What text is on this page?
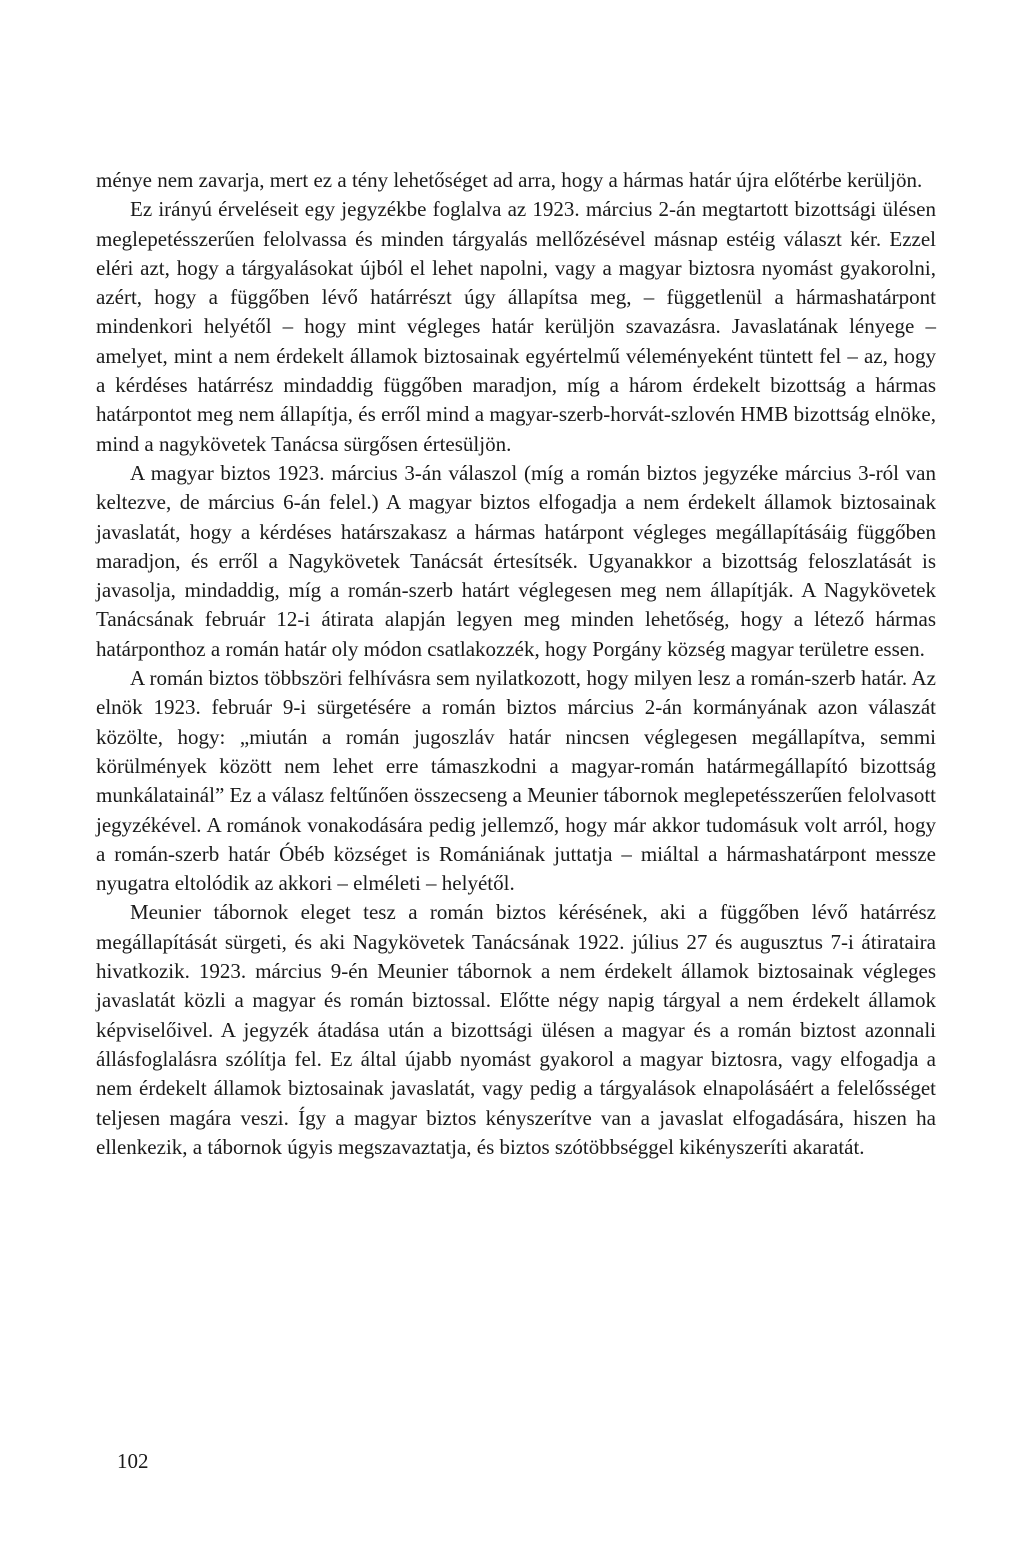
ménye nem zavarja, mert ez a tény lehetőséget ad arra, hogy a hármas határ újra előtérbe kerüljön.

Ez irányú érveléseit egy jegyzékbe foglalva az 1923. március 2-án megtartott bizottsági ülésen meglepetésszerűen felolvassa és minden tárgyalás mellőzésével másnap estéig választ kér. Ezzel eléri azt, hogy a tárgyalásokat újból el lehet napolni, vagy a magyar biztosra nyomást gyakorolni, azért, hogy a függőben lévő határrészt úgy állapítsa meg, – függetlenül a hármashatárpont mindenkori helyétől – hogy mint végleges határ kerüljön szavazásra. Javaslatának lényege – amelyet, mint a nem érdekelt államok biztosainak egyértelmű véleményeként tüntett fel – az, hogy a kérdéses határrész mindaddig függőben maradjon, míg a három érdekelt bizottság a hármas határpontot meg nem állapítja, és erről mind a magyar-szerb-horvát-szlovén HMB bizottság elnöke, mind a nagykövetek Tanácsa sürgősen értesüljön.

A magyar biztos 1923. március 3-án válaszol (míg a román biztos jegyzéke március 3-ról van keltezve, de március 6-án felel.) A magyar biztos elfogadja a nem érdekelt államok biztosainak javaslatát, hogy a kérdéses határszakasz a hármas határpont végleges megállapításáig függőben maradjon, és erről a Nagykövetek Tanácsát értesítsék. Ugyanakkor a bizottság feloszlatását is javasolja, mindaddig, míg a román-szerb határt véglegesen meg nem állapítják. A Nagykövetek Tanácsának február 12-i átirata alapján legyen meg minden lehetőség, hogy a létező hármas határponthoz a román határ oly módon csatlakozzék, hogy Porgány község magyar területre essen.

A román biztos többszöri felhívásra sem nyilatkozott, hogy milyen lesz a román-szerb határ. Az elnök 1923. február 9-i sürgetésére a román biztos március 2-án kormányának azon válaszát közölte, hogy: „miután a román jugoszláv határ nincsen véglegesen megállapítva, semmi körülmények között nem lehet erre támaszkodni a magyar-román határmegállapító bizottság munkálatainál” Ez a válasz feltűnően összecseng a Meunier tábornok meglepetésszerűen felolvasott jegyzékével. A románok vonakodására pedig jellemző, hogy már akkor tudomásuk volt arról, hogy a román-szerb határ Óbéb községet is Romániának juttatja – miáltal a hármashatárpont messze nyugatra eltolódik az akkori – elméleti – helyétől.

Meunier tábornok eleget tesz a román biztos kérésének, aki a függőben lévő határrész megállapítását sürgeti, és aki Nagykövetek Tanácsának 1922. július 27 és augusztus 7-i átirataira hivatkozik. 1923. március 9-én Meunier tábornok a nem érdekelt államok biztosainak végleges javaslatát közli a magyar és román biztossal. Előtte négy napig tárgyal a nem érdekelt államok képviselőivel. A jegyzék átadása után a bizottsági ülésen a magyar és a román biztost azonnali állásfoglalásra szólítja fel. Ez által újabb nyomást gyakorol a magyar biztosra, vagy elfogadja a nem érdekelt államok biztosainak javaslatát, vagy pedig a tárgyalások elnapolásáért a felelősséget teljesen magára veszi. Így a magyar biztos kényszerítve van a javaslat elfogadására, hiszen ha ellenkezik, a tábornok úgyis megszavaztatja, és biztos szótöbbséggel kikényszeríti akaratát.

102
